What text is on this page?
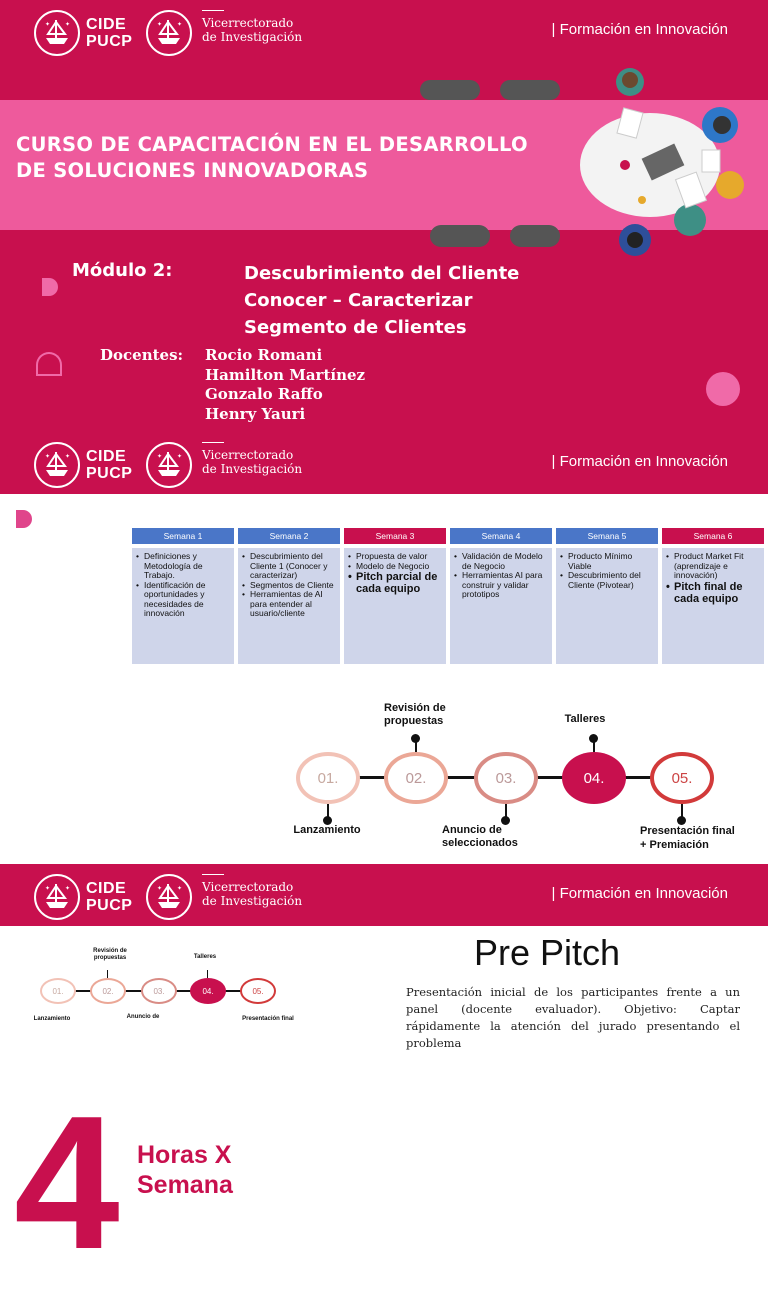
✦ ✦ CIDE
PUCP
✦ ✦ Vicerrectorado
de Investigación	| Formación en Innovación
CURSO DE CAPACITACIÓN EN EL DESARROLLO
DE SOLUCIONES INNOVADORAS
Módulo 2:	Descubrimiento del Cliente
Conocer – Caracterizar
Segmento de Clientes
Docentes: Rocio Romani
Hamilton Martínez
Gonzalo Raffo
Henry Yauri
✦ ✦ CIDE
PUCP
✦ ✦ Vicerrectorado
de Investigación	| Formación en Innovación
Semana 1
• Definiciones y Metodología de Trabajo.
• Identificación de oportunidades y necesidades de innovación
Semana 2
• Descubrimiento del Cliente 1 (Conocer y caracterizar)
• Segmentos de Cliente
• Herramientas de AI para entender al usuario/cliente
Semana 3
• Propuesta de valor
• Modelo de Negocio
• Pitch parcial de cada equipo
Semana 4
• Validación de Modelo de Negocio
• Herramientas AI para construir y validar prototipos
Semana 5
• Producto Mínimo Viable
• Descubrimiento del Cliente (Pivotear)
Semana 6
• Product Market Fit (aprendizaje e innovación)
• Pitch final de cada equipo
4 Horas X
Semana
01.	02.	03.	04.	05.
Lanzamiento
Revisión de
propuestas
Anuncio de
seleccionados
Talleres
Presentación final
+ Premiación
✦ ✦ CIDE
PUCP
✦ ✦ Vicerrectorado
de Investigación	| Formación en Innovación
01.	02.	03.	04.	05.
Revisión de
propuestas	Talleres
Lanzamiento	Anuncio de	Presentación final
Pre Pitch
Presentación inicial de los participantes frente a un panel (docente evaluador). Objetivo: Captar rápidamente la atención del jurado presentando el problema
